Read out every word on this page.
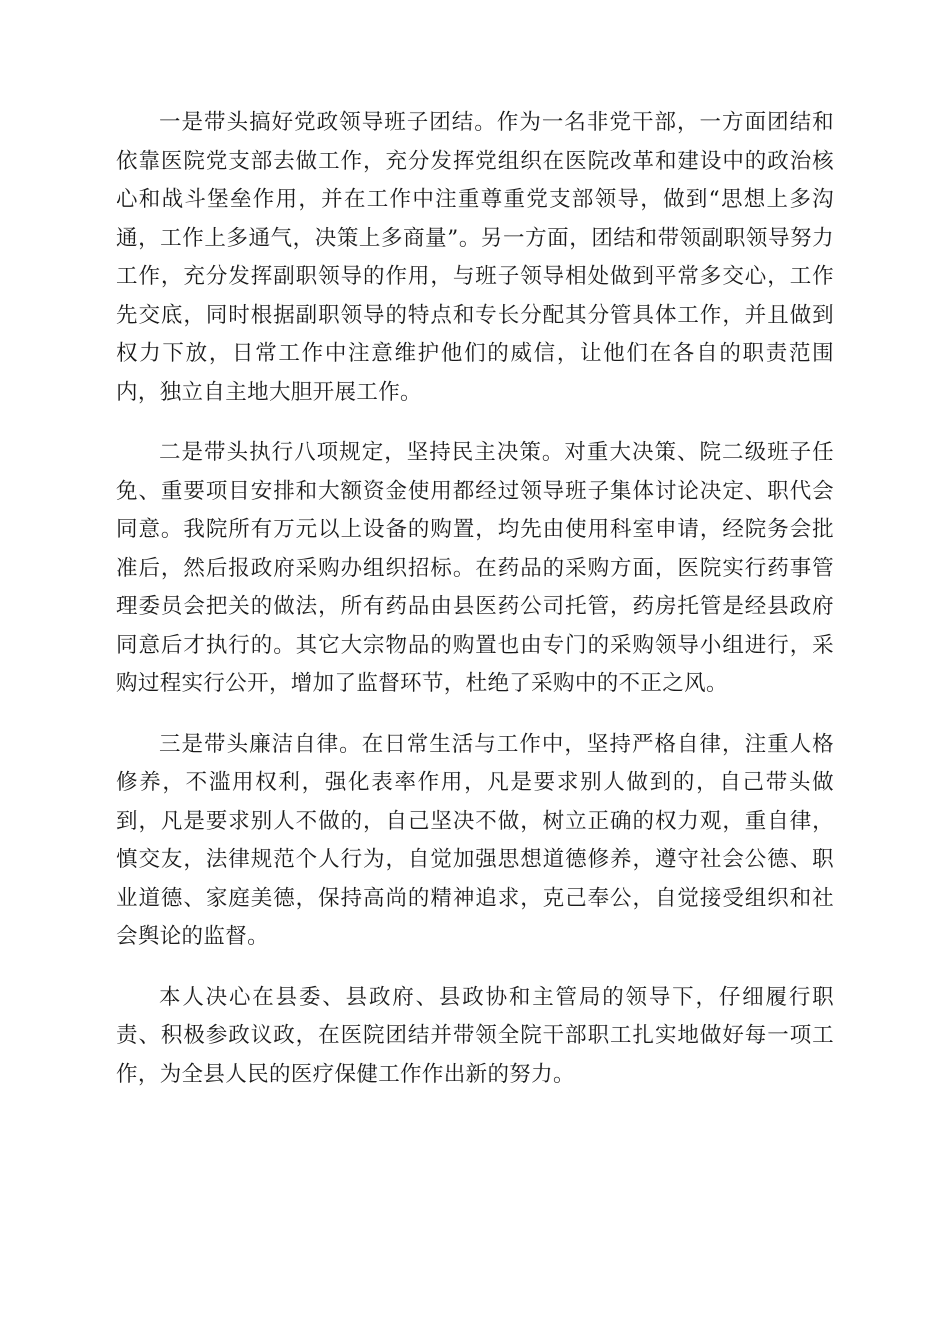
一是带头搞好党政领导班子团结。作为一名非党干部，一方面团结和依靠医院党支部去做工作，充分发挥党组织在医院改革和建设中的政治核心和战斗堡垒作用，并在工作中注重尊重党支部领导，做到“思想上多沟通，工作上多通气，决策上多商量”。另一方面，团结和带领副职领导努力工作，充分发挥副职领导的作用，与班子领导相处做到平常多交心，工作先交底，同时根据副职领导的特点和专长分配其分管具体工作，并且做到权力下放，日常工作中注意维护他们的威信，让他们在各自的职责范围内，独立自主地大胆开展工作。

二是带头执行八项规定，坚持民主决策。对重大决策、院二级班子任免、重要项目安排和大额资金使用都经过领导班子集体讨论决定、职代会同意。我院所有万元以上设备的购置，均先由使用科室申请，经院务会批准后，然后报政府采购办组织招标。在药品的采购方面，医院实行药事管理委员会把关的做法，所有药品由县医药公司托管，药房托管是经县政府同意后才执行的。其它大宗物品的购置也由专门的采购领导小组进行，采购过程实行公开，增加了监督环节，杜绝了采购中的不正之风。

三是带头廉洁自律。在日常生活与工作中，坚持严格自律，注重人格修养，不滥用权利，强化表率作用，凡是要求别人做到的，自己带头做到，凡是要求别人不做的，自己坚决不做，树立正确的权力观，重自律，慎交友，法律规范个人行为，自觉加强思想道德修养，遵守社会公德、职业道德、家庭美德，保持高尚的精神追求，克己奉公，自觉接受组织和社会舆论的监督。

本人决心在县委、县政府、县政协和主管局的领导下，仔细履行职责、积极参政议政，在医院团结并带领全院干部职工扎实地做好每一项工作，为全县人民的医疗保健工作作出新的努力。
